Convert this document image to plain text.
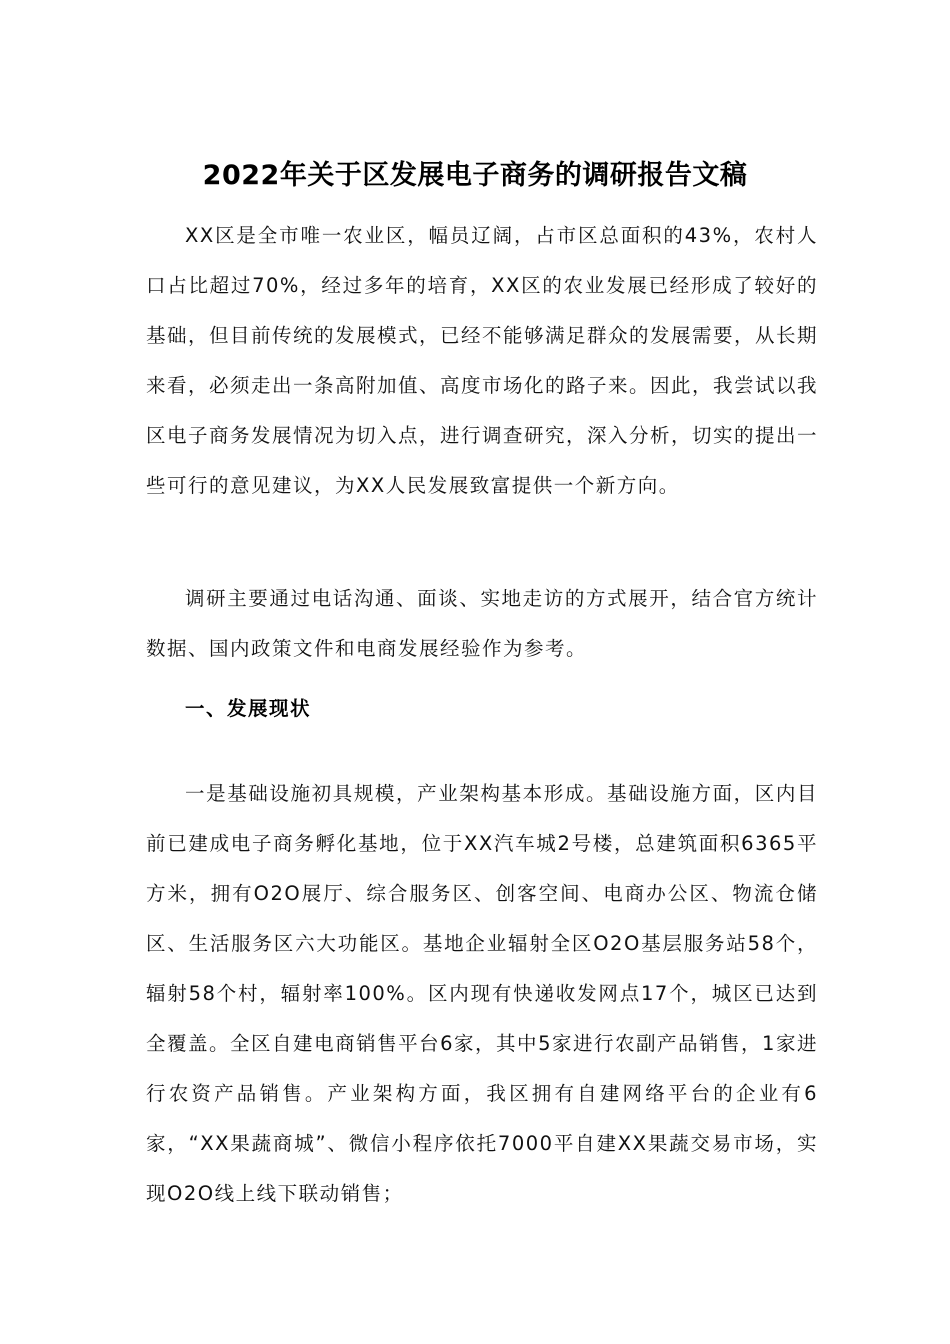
2022年关于区发展电子商务的调研报告文稿

XX区是全市唯一农业区，幅员辽阔，占市区总面积的43%，农村人口占比超过70%，经过多年的培育，XX区的农业发展已经形成了较好的基础，但目前传统的发展模式，已经不能够满足群众的发展需要，从长期来看，必须走出一条高附加值、高度市场化的路子来。因此，我尝试以我区电子商务发展情况为切入点，进行调查研究，深入分析，切实的提出一些可行的意见建议，为XX人民发展致富提供一个新方向。

调研主要通过电话沟通、面谈、实地走访的方式展开，结合官方统计数据、国内政策文件和电商发展经验作为参考。

一、发展现状

一是基础设施初具规模，产业架构基本形成。基础设施方面，区内目前已建成电子商务孵化基地，位于XX汽车城2号楼，总建筑面积6365平方米，拥有O2O展厅、综合服务区、创客空间、电商办公区、物流仓储区、生活服务区六大功能区。基地企业辐射全区O2O基层服务站58个，辐射58个村，辐射率100%。区内现有快递收发网点17个，城区已达到全覆盖。全区自建电商销售平台6家，其中5家进行农副产品销售，1家进行农资产品销售。产业架构方面，我区拥有自建网络平台的企业有6家，“XX果蔬商城”、微信小程序依托7000平自建XX果蔬交易市场，实现O2O线上线下联动销售；
